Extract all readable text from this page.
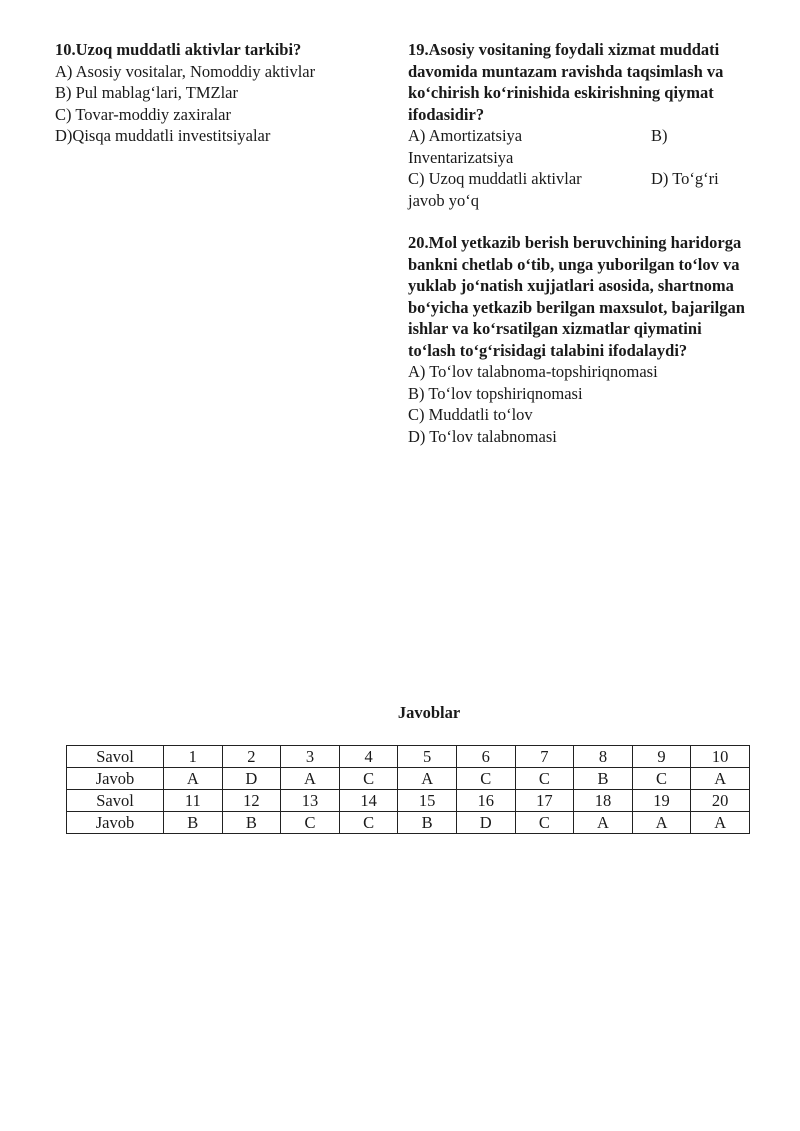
10.Uzoq muddatli aktivlar tarkibi?

A) Asosiy vositalar, Nomoddiy aktivlar

B) Pul mablag‘lari, TMZlar

C) Tovar-moddiy zaxiralar

D)Qisqa muddatli investitsiyalar

19.Asosiy vositaning foydali xizmat muddati davomida muntazam ravishda taqsimlash va ko‘chirish ko‘rinishida eskirishning qiymat ifodasidir?

A) Amortizatsiya	B)

Inventarizatsiya

C) Uzoq muddatli aktivlar	D) To‘g‘ri

javob yo‘q

20.Mol yetkazib berish beruvchining haridorga bankni chetlab o‘tib, unga yuborilgan to‘lov va yuklab jo‘natish xujjatlari asosida, shartnoma bo‘yicha yetkazib berilgan maxsulot, bajarilgan ishlar va ko‘rsatilgan xizmatlar qiymatini to‘lash to‘g‘risidagi talabini ifodalaydi?

A) To‘lov talabnoma-topshiriqnomasi

B) To‘lov topshiriqnomasi

C) Muddatli to‘lov

D) To‘lov talabnomasi

Javoblar
Savol	1	2	3	4	5	6	7	8	9	10
Javob	A	D	A	C	A	C	C	B	C	A
Savol	11	12	13	14	15	16	17	18	19	20
Javob	B	B	C	C	B	D	C	A	A	A
